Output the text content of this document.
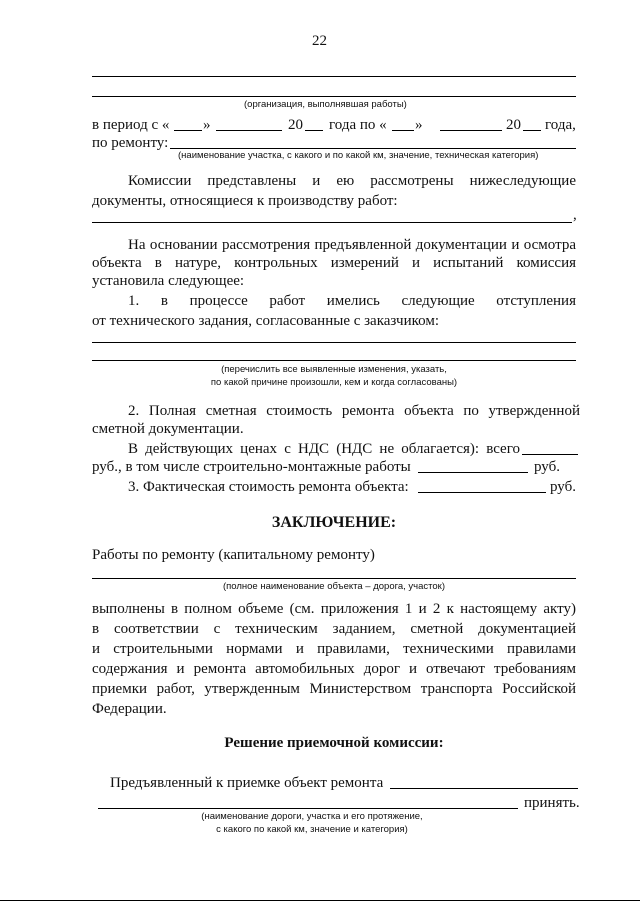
22
(организация, выполнявшая работы)
в период с « »	20 года по « »	20 года,
по ремонту:
(наименование участка, с какого и по какой км, значение, техническая категория)
Комиссии представлены и ею рассмотрены нижеследующие
документы, относящиеся к производству работ:
,
На основании рассмотрения предъявленной документации и осмотра
объекта в натуре, контрольных измерений и испытаний комиссия
установила следующее:
1. в процессе работ имелись следующие отступления
от технического задания, согласованные с заказчиком:
(перечислить все выявленные изменения, указать,
по какой причине произошли, кем и когда согласованы)
2. Полная сметная стоимость ремонта объекта по утвержденной
сметной документации.
В действующих ценах с НДС (НДС не облагается): всего
руб., в том числе строительно-монтажные работы	руб.
3. Фактическая стоимость ремонта объекта:	руб.
ЗАКЛЮЧЕНИЕ:
Работы по ремонту (капитальному ремонту)
(полное наименование объекта – дорога, участок)
выполнены в полном объеме (см. приложения 1 и 2 к настоящему акту)
в соответствии с техническим заданием, сметной документацией
и строительными нормами и правилами, техническими правилами
содержания и ремонта автомобильных дорог и отвечают требованиям
приемки работ, утвержденным Министерством транспорта Российской
Федерации.
Решение приемочной комиссии:
Предъявленный к приемке объект ремонта
принять.
(наименование дороги, участка и его протяжение,
с какого по какой км, значение и категория)
